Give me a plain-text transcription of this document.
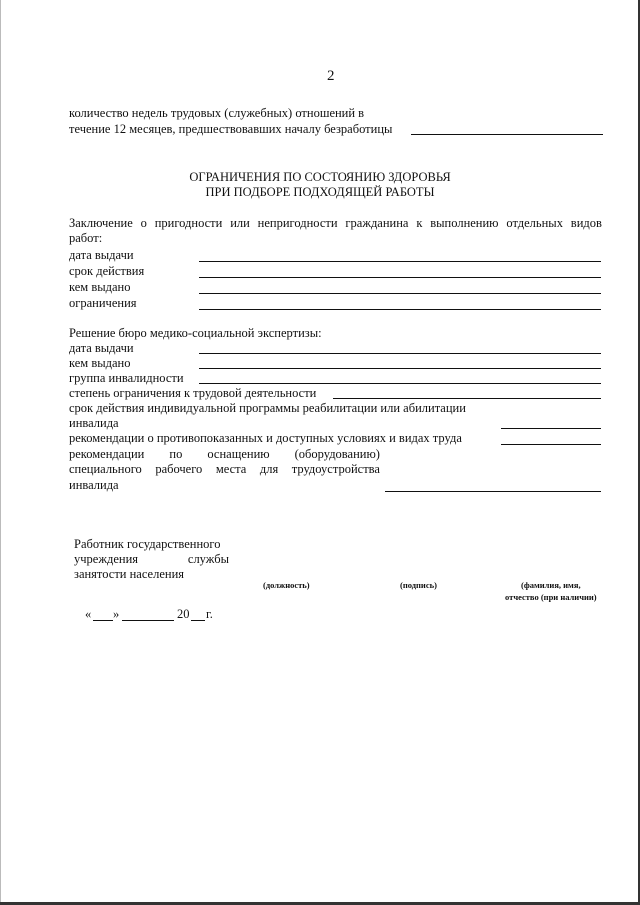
2
количество недель трудовых (служебных) отношений в
течение 12 месяцев, предшествовавших началу безработицы
ОГРАНИЧЕНИЯ ПО СОСТОЯНИЮ ЗДОРОВЬЯ
ПРИ ПОДБОРЕ ПОДХОДЯЩЕЙ РАБОТЫ
Заключение о пригодности или непригодности гражданина к выполнению отдельных видов
работ:
дата выдачи
срок действия
кем выдано
ограничения
Решение бюро медико-социальной экспертизы:
дата выдачи
кем выдано
группа инвалидности
степень ограничения к трудовой деятельности
срок действия индивидуальной программы реабилитации или абилитации
инвалида
рекомендации о противопоказанных и доступных условиях и видах труда
рекомендации по оснащению (оборудованию)
специального рабочего места для трудоустройства
инвалида
Работник государственного
учреждения	службы
занятости населения
(должность)	(подпись)	(фамилия, имя,
отчество (при наличии)
« »	20 г.
